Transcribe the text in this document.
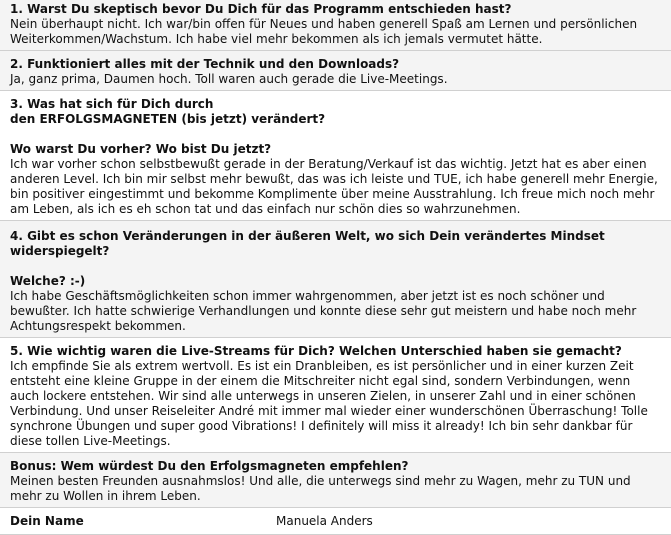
1. Warst Du skeptisch bevor Du Dich für das Programm entschieden hast?

Nein überhaupt nicht. Ich war/bin offen für Neues und haben generell Spaß am Lernen und persönlichen Weiterkommen/Wachstum. Ich habe viel mehr bekommen als ich jemals vermutet hätte.

2. Funktioniert alles mit der Technik und den Downloads?

Ja, ganz prima, Daumen hoch. Toll waren auch gerade die Live-Meetings.

3. Was hat sich für Dich durch

den ERFOLGSMAGNETEN (bis jetzt) verändert?

Wo warst Du vorher? Wo bist Du jetzt?

Ich war vorher schon selbstbewußt gerade in der Beratung/Verkauf ist das wichtig. Jetzt hat es aber einen anderen Level. Ich bin mir selbst mehr bewußt, das was ich leiste und TUE, ich habe generell mehr Energie, bin positiver eingestimmt und bekomme Komplimente über meine Ausstrahlung. Ich freue mich noch mehr am Leben, als ich es eh schon tat und das einfach nur schön dies so wahrzunehmen.

4. Gibt es schon Veränderungen in der äußeren Welt, wo sich Dein verändertes Mindset widerspiegelt?

Welche? :-)

Ich habe Geschäftsmöglichkeiten schon immer wahrgenommen, aber jetzt ist es noch schöner und bewußter. Ich hatte schwierige Verhandlungen und konnte diese sehr gut meistern und habe noch mehr Achtungsrespekt bekommen.

5. Wie wichtig waren die Live-Streams für Dich? Welchen Unterschied haben sie gemacht?

Ich empfinde Sie als extrem wertvoll. Es ist ein Dranbleiben, es ist persönlicher und in einer kurzen Zeit entsteht eine kleine Gruppe in der einem die Mitschreiter nicht egal sind, sondern Verbindungen, wenn auch lockere entstehen. Wir sind alle unterwegs in unseren Zielen, in unserer Zahl und in einer schönen Verbindung. Und unser Reiseleiter André mit immer mal wieder einer wunderschönen Überraschung! Tolle synchrone Übungen und super good Vibrations! I definitely will miss it already! Ich bin sehr dankbar für diese tollen Live-Meetings.

Bonus: Wem würdest Du den Erfolgsmagneten empfehlen?

Meinen besten Freunden ausnahmslos! Und alle, die unterwegs sind mehr zu Wagen, mehr zu TUN und mehr zu Wollen in ihrem Leben.

Dein Name	Manuela Anders
